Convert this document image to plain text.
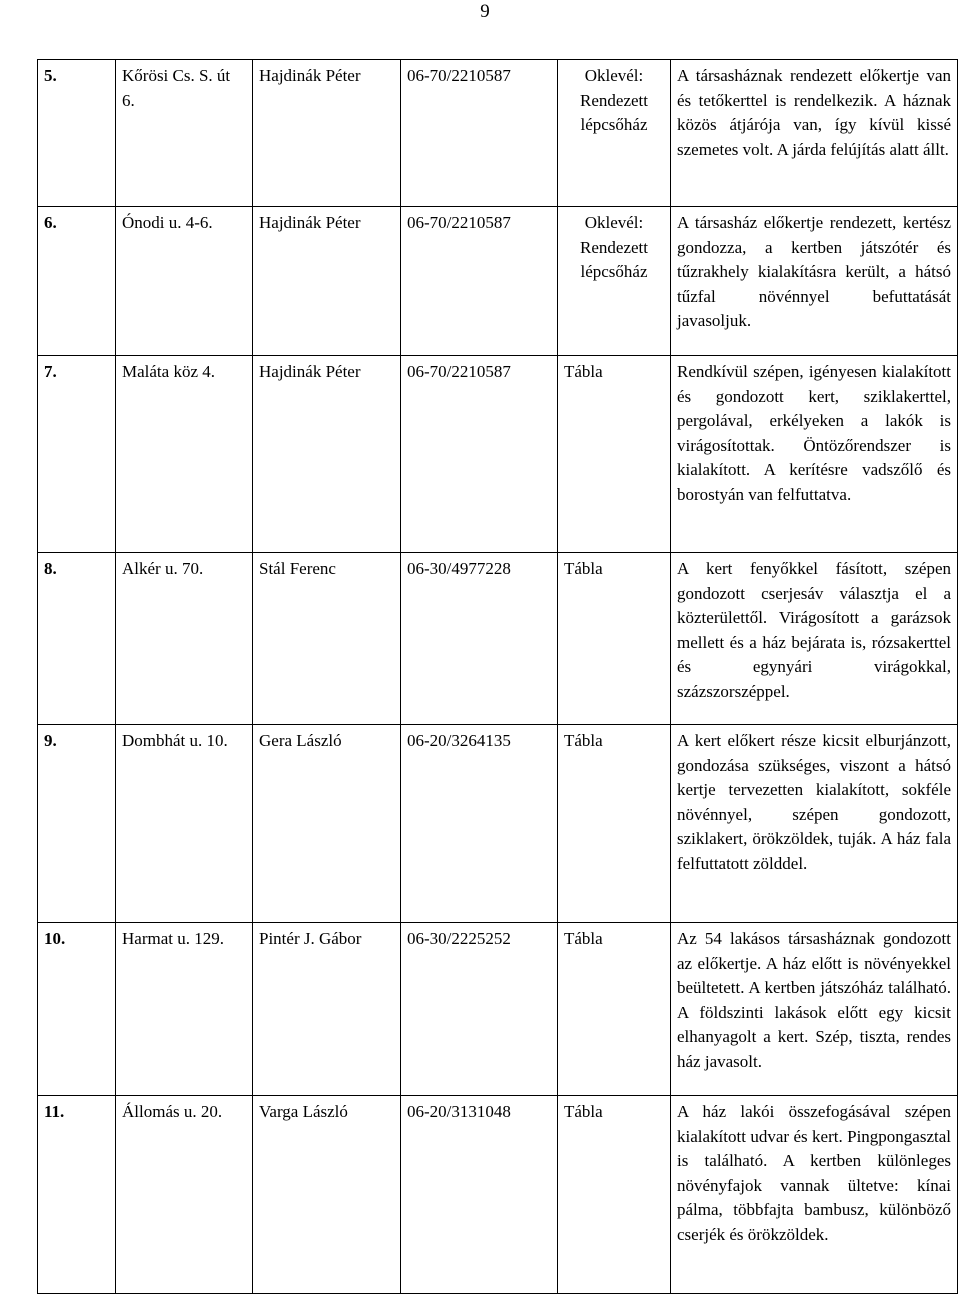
9
5.	Kőrösi Cs. S. út 6.	Hajdinák Péter	06-70/2210587	Oklevél: Rendezett lépcsőház	A társasháznak rendezett előkertje van és tetőkerttel is rendelkezik. A háznak közös átjárója van, így kívül kissé szemetes volt. A járda felújítás alatt állt.
6.	Ónodi u. 4-6.	Hajdinák Péter	06-70/2210587	Oklevél: Rendezett lépcsőház	A társasház előkertje rendezett, kertész gondozza, a kertben játszótér és tűzrakhely kialakításra került, a hátsó tűzfal növénnyel befuttatását javasoljuk.
7.	Maláta köz 4.	Hajdinák Péter	06-70/2210587	Tábla	Rendkívül szépen, igényesen kialakított és gondozott kert, sziklakerttel, pergolával, erkélyeken a lakók is virágosítottak. Öntözőrendszer is kialakított. A kerítésre vadszőlő és borostyán van felfuttatva.
8.	Alkér u. 70.	Stál Ferenc	06-30/4977228	Tábla	A kert fenyőkkel fásított, szépen gondozott cserjesáv választja el a közterülettől. Virágosított a garázsok mellett és a ház bejárata is, rózsakerttel és egynyári virágokkal, százszorszéppel.
9.	Dombhát u. 10.	Gera László	06-20/3264135	Tábla	A kert előkert része kicsit elburjánzott, gondozása szükséges, viszont a hátsó kertje tervezetten kialakított, sokféle növénnyel, szépen gondozott, sziklakert, örökzöldek, tuják. A ház fala felfuttatott zölddel.
10.	Harmat u. 129.	Pintér J. Gábor	06-30/2225252	Tábla	Az 54 lakásos társasháznak gondozott az előkertje. A ház előtt is növényekkel beültetett. A kertben játszóház található. A földszinti lakások előtt egy kicsit elhanyagolt a kert. Szép, tiszta, rendes ház javasolt.
11.	Állomás u. 20.	Varga László	06-20/3131048	Tábla	A ház lakói összefogásával szépen kialakított udvar és kert. Pingpongasztal is található. A kertben különleges növényfajok vannak ültetve: kínai pálma, többfajta bambusz, különböző cserjék és örökzöldek.
